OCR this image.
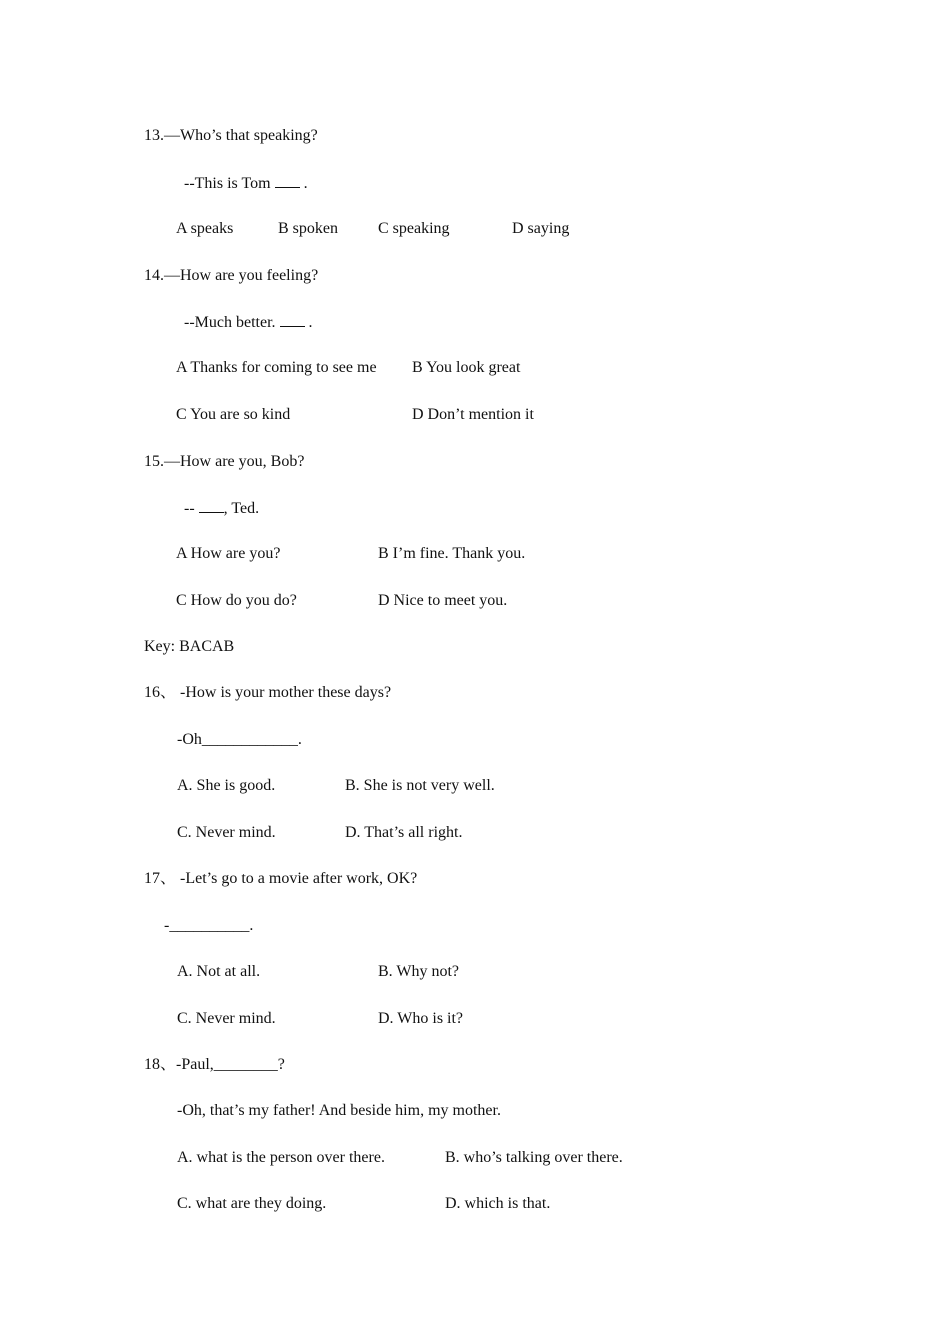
13.—Who’s that speaking?
--This is Tom  .
A speaks	B spoken	C speaking	D saying
14.—How are you feeling?
--Much better.  .
A Thanks for coming to see me B You look great
C You are so kind	D Don’t mention it
15.—How are you, Bob?
-- , Ted.
A How are you?	B I’m fine. Thank you.
C How do you do?	D Nice to meet you.
Key: BACAB
16、 -How is your mother these days?
-Oh____________.
A. She is good.	B. She is not very well.
C. Never mind.	D. That’s all right.
17、 -Let’s go to a movie after work, OK?
-__________.
A. Not at all.	B. Why not?
C. Never mind.	D. Who is it?
18、-Paul,________?
-Oh, that’s my father! And beside him, my mother.
A. what is the person over there.	B. who’s talking over there.
C. what are they doing.	D. which is that.
